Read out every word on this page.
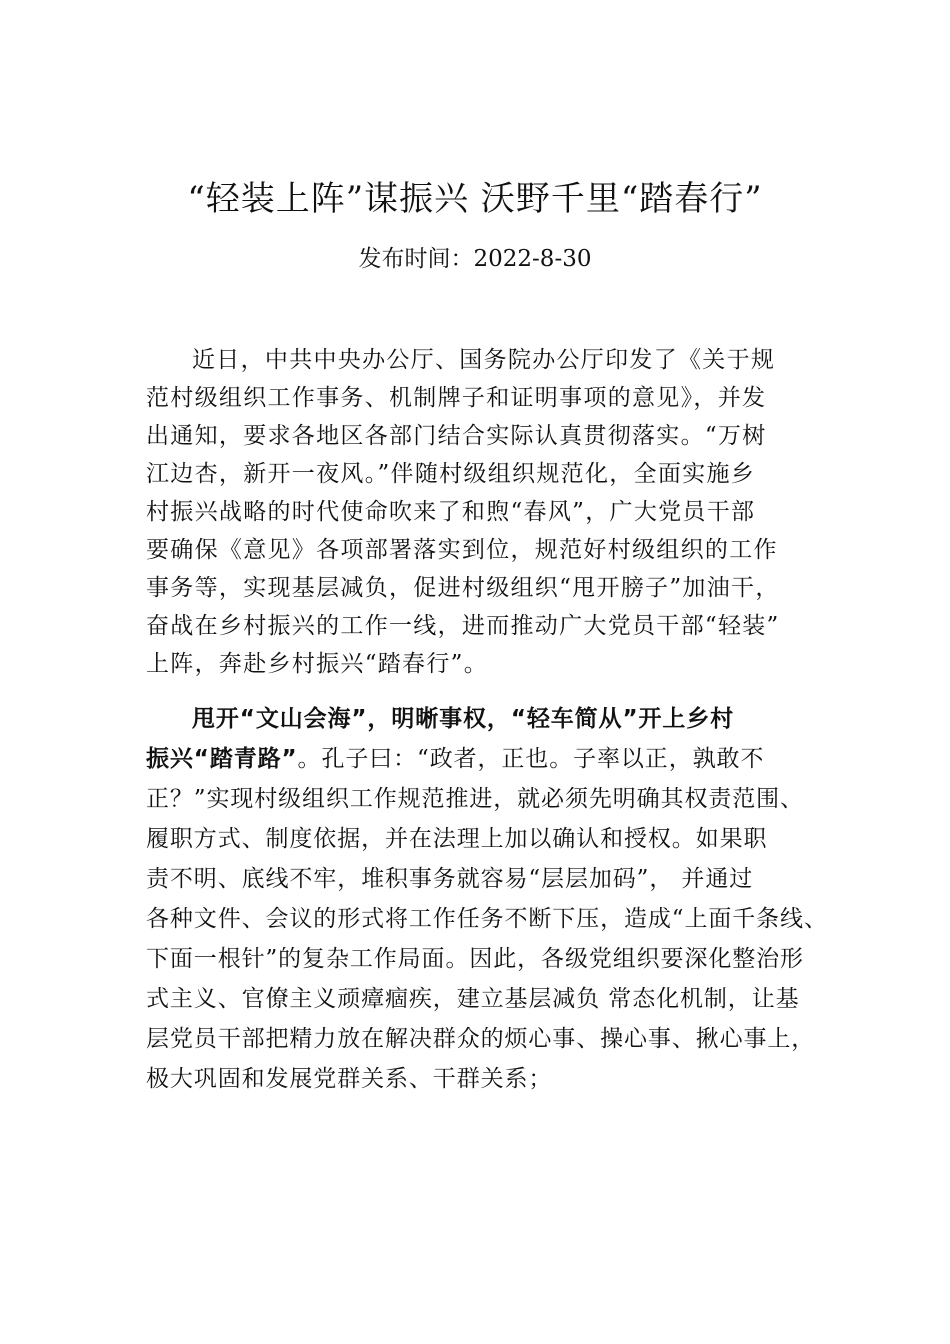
“轻装上阵”谋振兴 沃野千里“踏春行”
发布时间：2022-8-30
近日，中共中央办公厅、国务院办公厅印发了《关于规
范村级组织工作事务、机制牌子和证明事项的意见》，并发
出通知，要求各地区各部门结合实际认真贯彻落实。“万树
江边杏，新开一夜风。”伴随村级组织规范化，全面实施乡
村振兴战略的时代使命吹来了和煦“春风”，广大党员干部
要确保《意见》各项部署落实到位，规范好村级组织的工作
事务等，实现基层减负，促进村级组织“甩开膀子”加油干，
奋战在乡村振兴的工作一线，进而推动广大党员干部“轻装”
上阵，奔赴乡村振兴“踏春行”。
甩开“文山会海”，明晰事权，“轻车简从”开上乡村
振兴“踏青路”。孔子曰：“政者，正也。子率以正，孰敢不
正？”实现村级组织工作规范推进，就必须先明确其权责范围、
履职方式、制度依据，并在法理上加以确认和授权。如果职
责不明、底线不牢，堆积事务就容易“层层加码”， 并通过
各种文件、会议的形式将工作任务不断下压，造成“上面千条线、
下面一根针”的复杂工作局面。因此，各级党组织要深化整治形
式主义、官僚主义顽瘴痼疾，建立基层减负 常态化机制，让基
层党员干部把精力放在解决群众的烦心事、操心事、揪心事上，
极大巩固和发展党群关系、干群关系；
